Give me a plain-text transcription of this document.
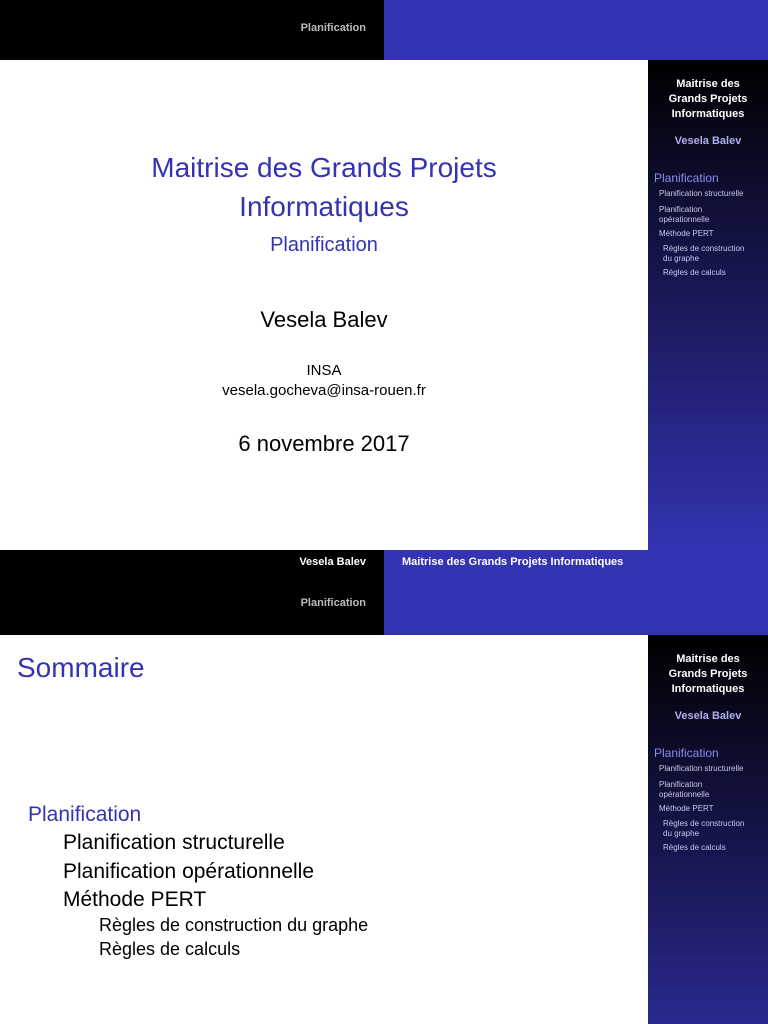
Planification
Maitrise des
Grands Projets
Informatiques
Vesela Balev
Planification
Planification structurelle
Planification
opérationnelle
Méthode PERT
Règles de construction
du graphe
Règles de calculs
Maitrise des Grands Projets
Informatiques
Planification
Vesela Balev
INSA
vesela.gocheva@insa-rouen.fr
6 novembre 2017
Vesela Balev	Maitrise des Grands Projets Informatiques
Planification
Maitrise des
Grands Projets
Informatiques
Vesela Balev
Planification
Planification structurelle
Planification
opérationnelle
Méthode PERT
Règles de construction
du graphe
Règles de calculs
Sommaire
Planification
Planification structurelle
Planification opérationnelle
Méthode PERT
Règles de construction du graphe
Règles de calculs
